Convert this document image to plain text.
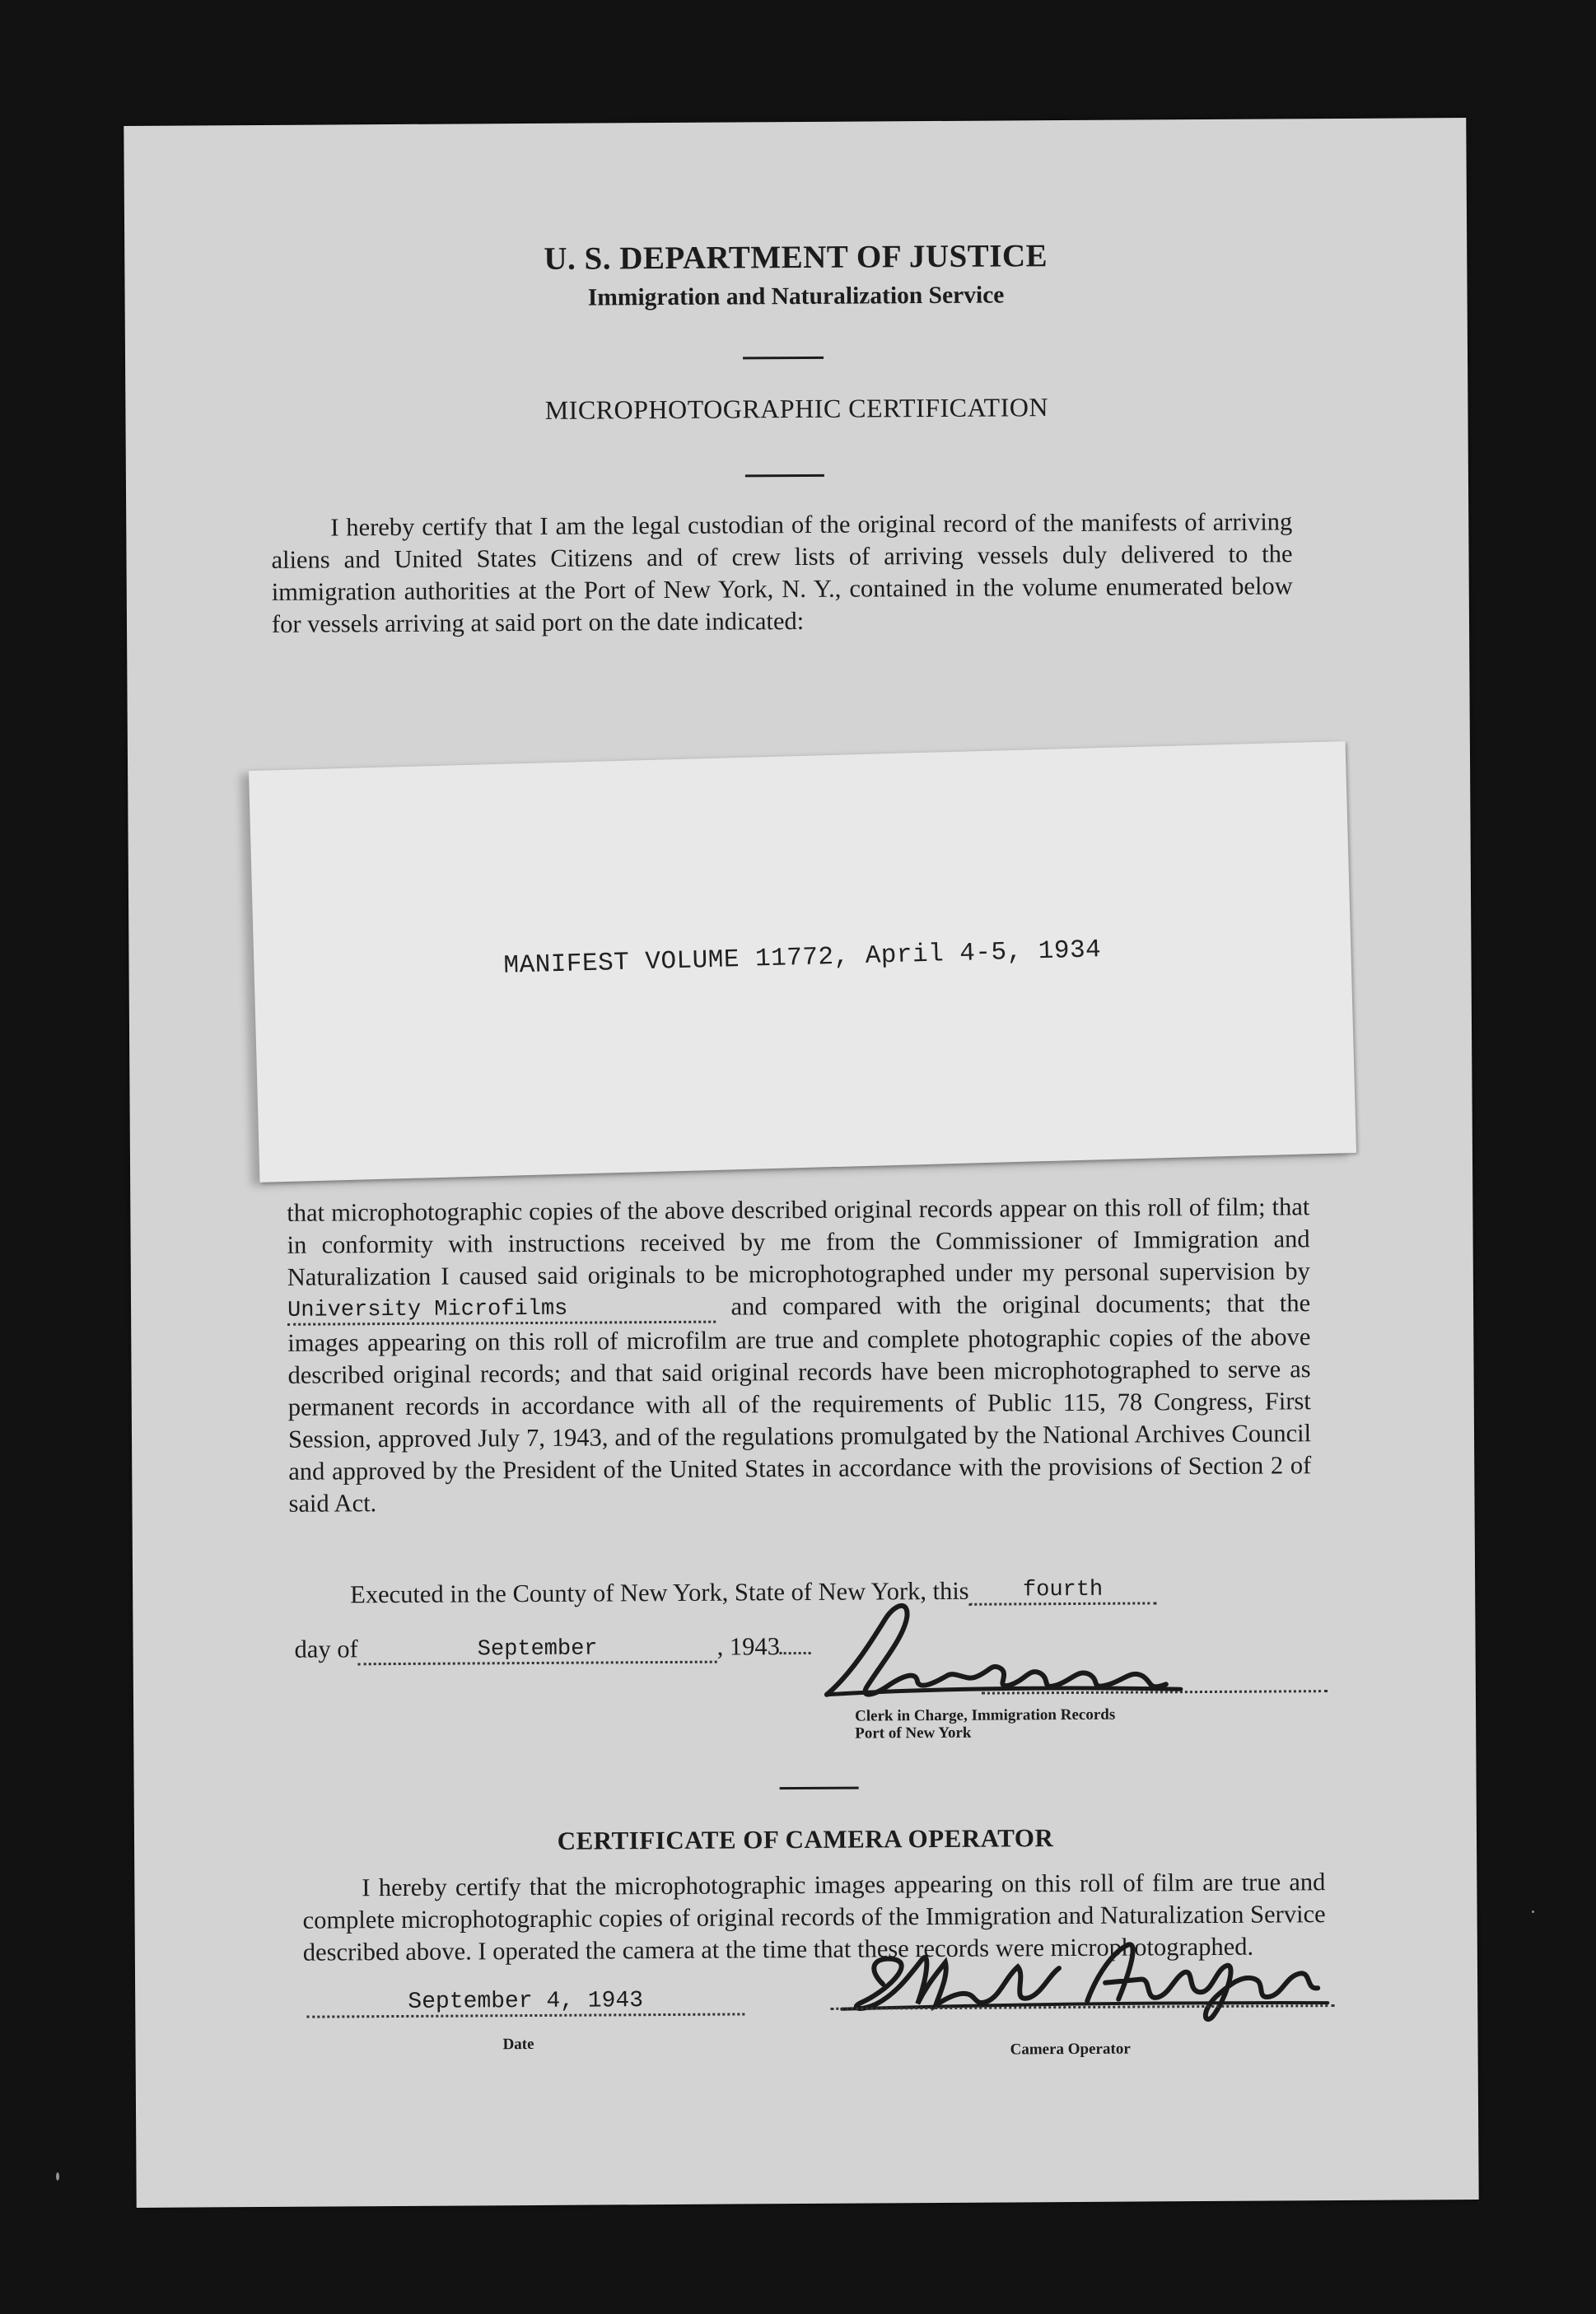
U. S. DEPARTMENT OF JUSTICE
Immigration and Naturalization Service
MICROPHOTOGRAPHIC CERTIFICATION

I hereby certify that I am the legal custodian of the original record of the manifests of arriving aliens and United States Citizens and of crew lists of arriving vessels duly delivered to the immigration authorities at the Port of New York, N. Y., contained in the volume enumerated below for vessels arriving at said port on the date indicated:

MANIFEST VOLUME 11772, April 4-5, 1934

that microphotographic copies of the above described original records appear on this roll of film; that in conformity with instructions received by me from the Commissioner of Immigration and Naturalization I caused said originals to be microphotographed under my personal supervision by University Microfilms	and compared with the original documents; that the images appearing on this roll of microfilm are true and complete photographic copies of the above described original records; and that said original records have been microphotographed to serve as permanent records in accordance with all of the requirements of Public 115, 78 Congress, First Session, approved July 7, 1943, and of the regulations promulgated by the National Archives Council and approved by the President of the United States in accordance with the provisions of Section 2 of said Act.

Executed in the County of New York, State of New York, this fourth
day of	September	, 1943
Clerk in Charge, Immigration Records
Port of New York
CERTIFICATE OF CAMERA OPERATOR

I hereby certify that the microphotographic images appearing on this roll of film are true and complete microphotographic copies of original records of the Immigration and Naturalization Service described above. I operated the camera at the time that these records were microphotographed.

September 4, 1943
Date	Camera Operator
